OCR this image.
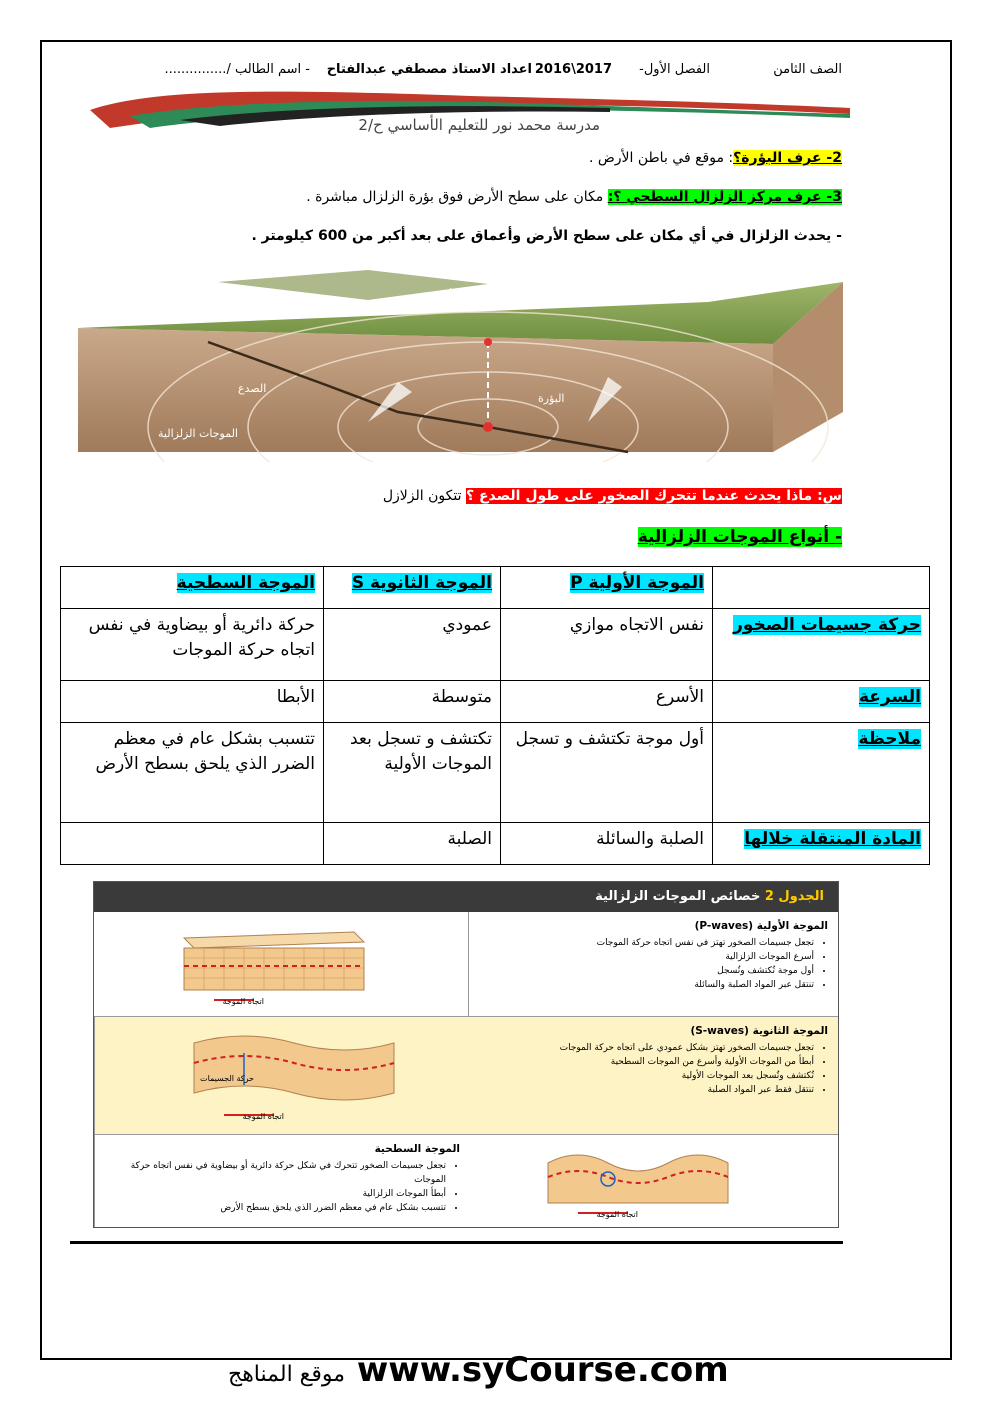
الصف الثامن
الفصل الأول-
2017\2016
اعداد الاستاذ مصطفي عبدالفتاح
- اسم الطالب /...............
مدرسة محمد نور للتعليم الأساسي ح/2
2- عرف البؤرة؟: موقع في باطن الأرض .
3- عرف مركز الزلزال السطحي ؟: مكان على سطح الأرض فوق بؤرة الزلزال مباشرة .
- يحدث الزلزال في أي مكان على سطح الأرض وأعماق على بعد أكبر من 600 كيلومتر .
مركز الزلزال السطحي
الصدع
البؤرة
الموجات الزلزالية
س: ماذا يحدث عندما تتحرك الصخور على طول الصدع ؟ تتكون الزلازل
- أنواع الموجات الزلزالية
	الموجة الأولية P	الموجة الثانوية S	الموجة السطحية
حركة جسيمات الصخور	نفس الاتجاه موازي	عمودي	حركة دائرية أو بيضاوية في نفس اتجاه حركة الموجات
السرعة	الأسرع	متوسطة	الأبطا
ملاحظة	أول موجة تكتشف و تسجل	تكتشف و تسجل بعد الموجات الأولية	تتسبب بشكل عام في معظم الضرر الذي يلحق بسطح الأرض
المادة المنتقلة خلالها	الصلبة والسائلة	الصلبة	
الجدول 2 خصائص الموجات الزلزالية
الموجة الأولية (P-waves)
• تجعل جسيمات الصخور تهتز في نفس اتجاه حركة الموجات
• أسرع الموجات الزلزالية
• أول موجة تُكتشف وتُسجل
• تنتقل عبر المواد الصلبة والسائلة
اتجاه الموجة
اتجاه الموجة
حركة الجسيمات
الموجة الثانوية (S-waves)
• تجعل جسيمات الصخور تهتز بشكل عمودي على اتجاه حركة الموجات
• أبطأ من الموجات الأولية وأسرع من الموجات السطحية
• تُكتشف وتُسجل بعد الموجات الأولية
• تنتقل فقط عبر المواد الصلبة
الموجة السطحية
• تجعل جسيمات الصخور تتحرك في شكل حركة دائرية أو بيضاوية في نفس اتجاه حركة الموجات
• أبطأ الموجات الزلزالية
• تتسبب بشكل عام في معظم الضرر الذي يلحق بسطح الأرض
اتجاه الموجة
موقع المناهج www.syCourse.com
